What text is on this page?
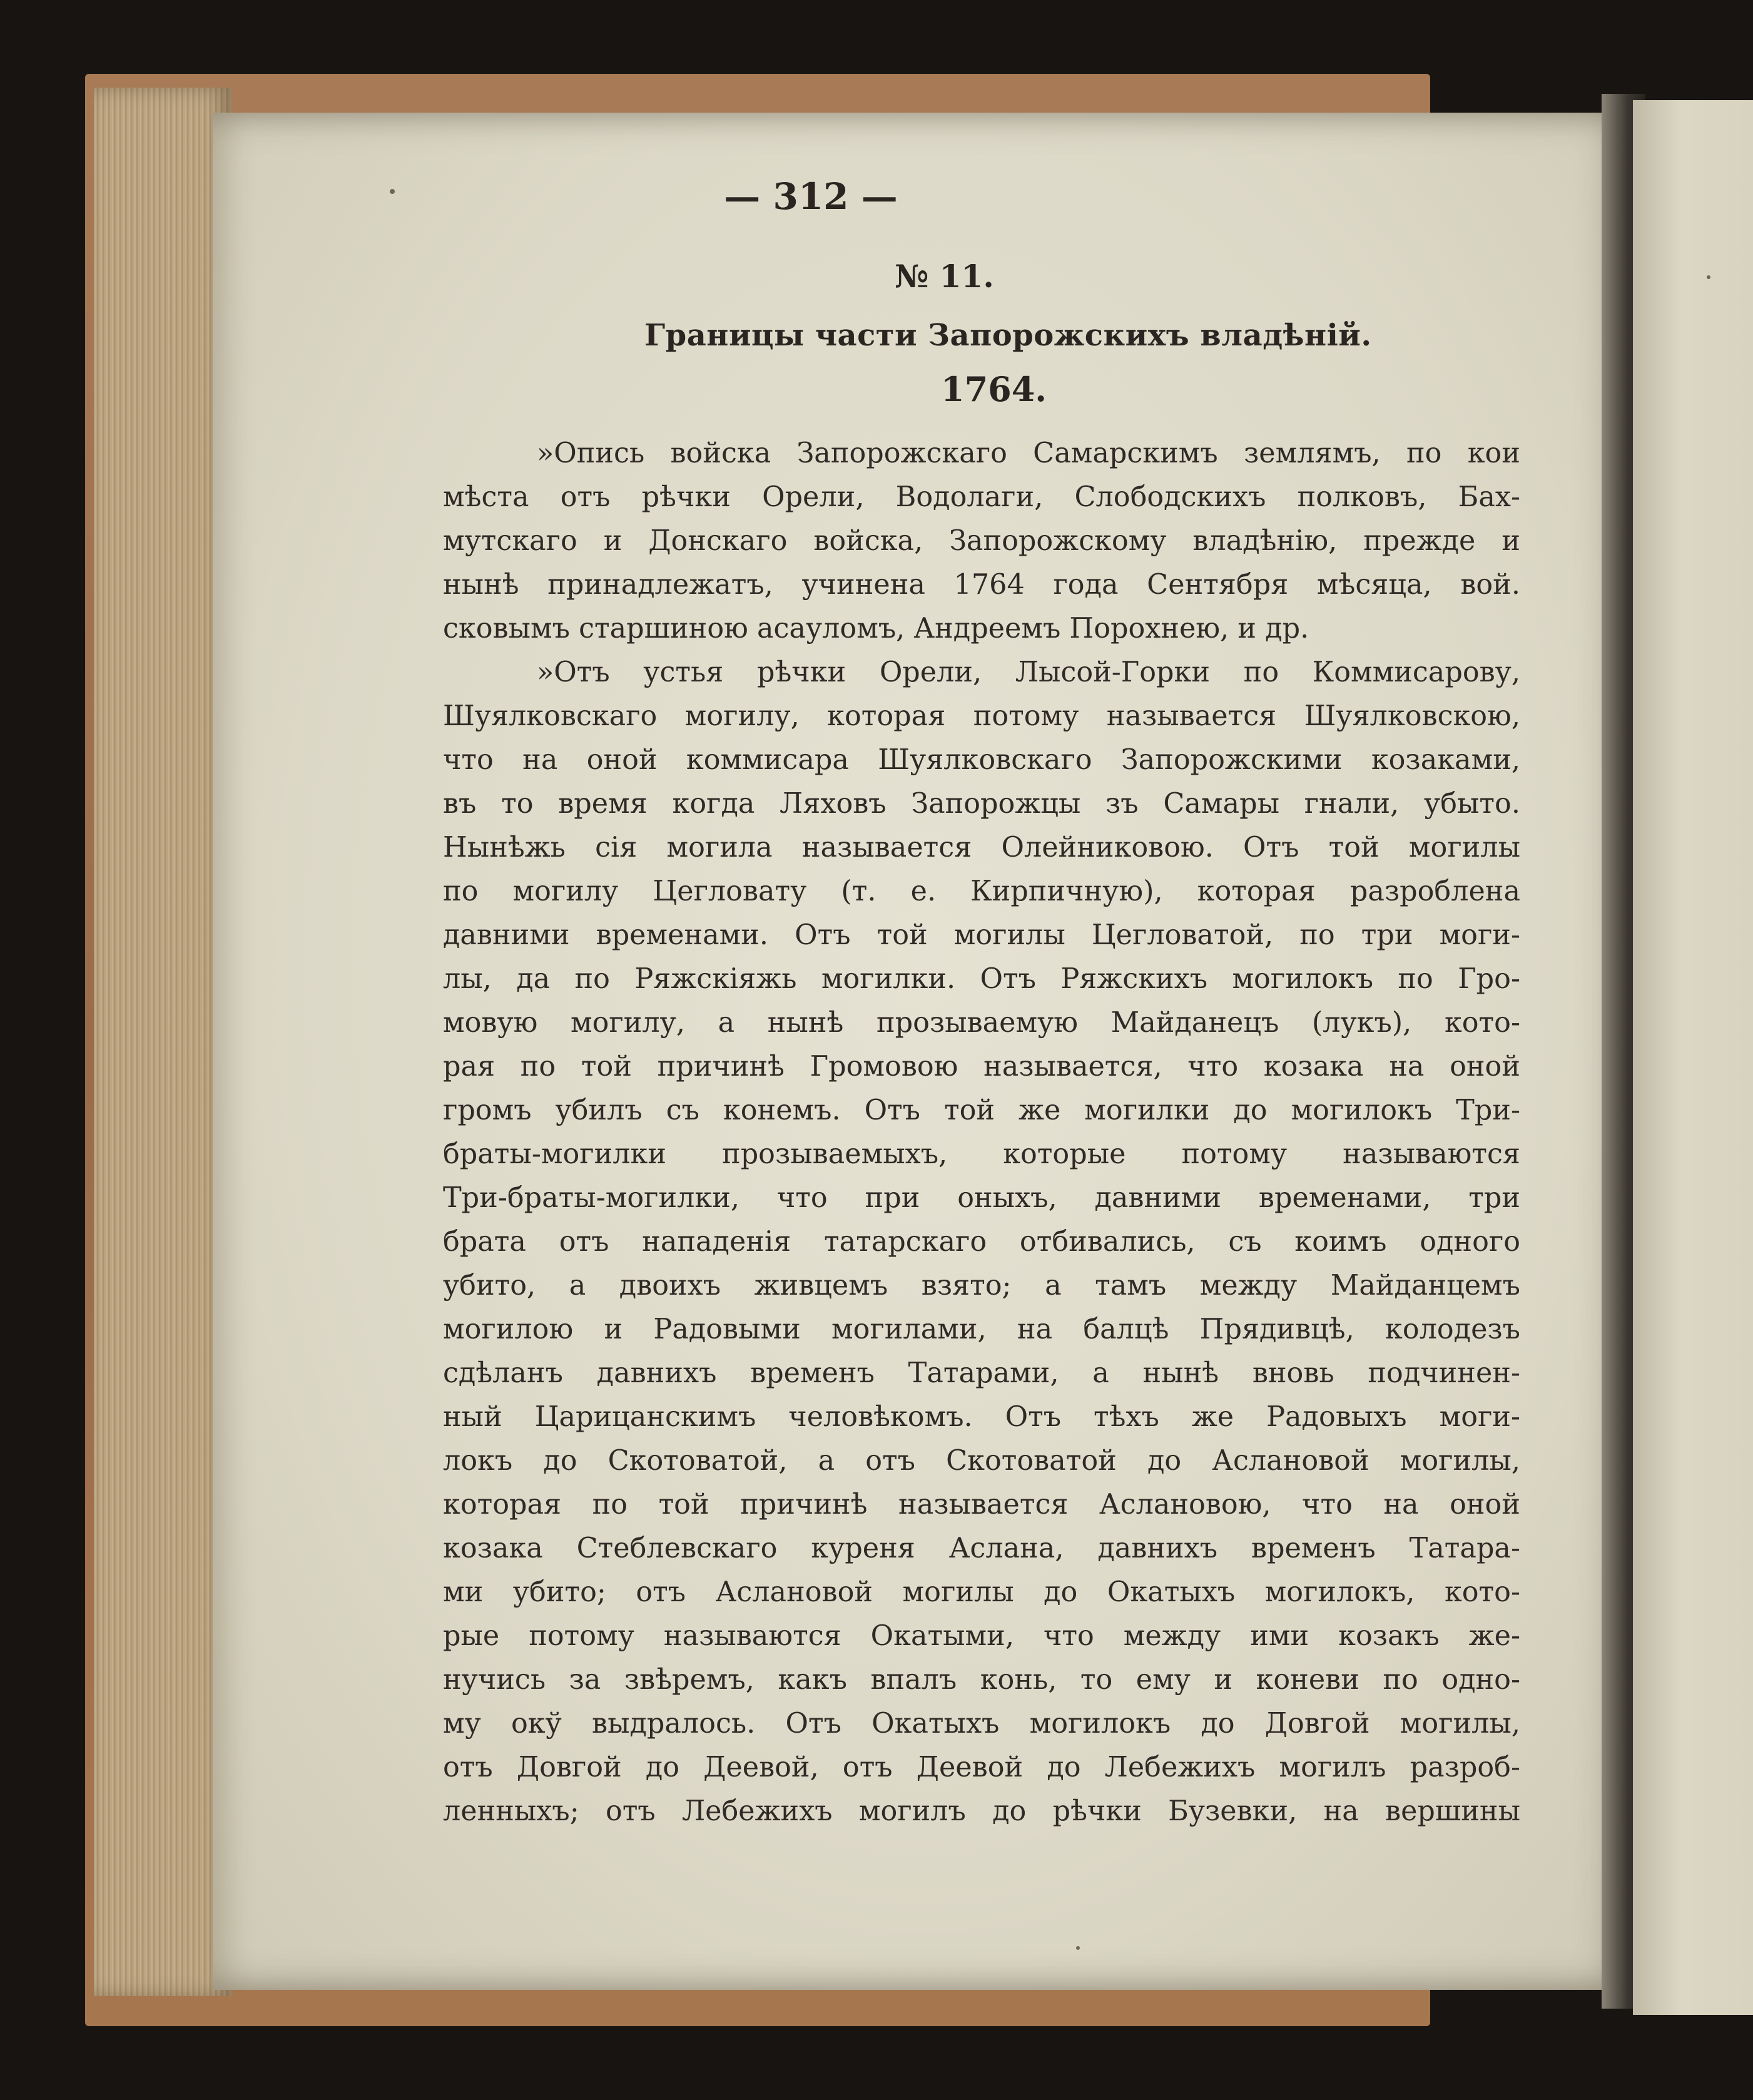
— 312 —
№ 11.
Границы части Запорожскихъ владѣній.
1764.
»Опись войска Запорожскаго Самарскимъ землямъ, по кои
мѣста отъ рѣчки Орели, Водолаги, Слободскихъ полковъ, Бах-
мутскаго и Донскаго войска, Запорожскому владѣнію, прежде и
нынѣ принадлежатъ, учинена 1764 года Сентября мѣсяца, вой.
сковымъ старшиною асауломъ, Андреемъ Порохнею, и др.
»Отъ устья рѣчки Орели, Лысой-Горки по Коммисарову,
Шуялковскаго могилу, которая потому называется Шуялковскою,
что на оной коммисара Шуялковскаго Запорожскими козаками,
въ то время когда Ляховъ Запорожцы зъ Самары гнали, убыто.
Нынѣжь сія могила называется Олейниковою. Отъ той могилы
по могилу Цегловату (т. е. Кирпичную), которая разроблена
давними временами. Отъ той могилы Цегловатой, по три моги-
лы, да по Ряжскіяжь могилки. Отъ Ряжскихъ могилокъ по Гро-
мовую могилу, а нынѣ прозываемую Майданецъ (лукъ), кото-
рая по той причинѣ Громовою называется, что козака на оной
громъ убилъ съ конемъ. Отъ той же могилки до могилокъ Три-
браты-могилки прозываемыхъ, которые потому называются
Три-браты-могилки, что при оныхъ, давними временами, три
брата отъ нападенія татарскаго отбивались, съ коимъ одного
убито, а двоихъ живцемъ взято; а тамъ между Майданцемъ
могилою и Радовыми могилами, на балцѣ Прядивцѣ, колодезъ
сдѣланъ давнихъ временъ Татарами, а нынѣ вновь подчинен-
ный Царицанскимъ человѣкомъ. Отъ тѣхъ же Радовыхъ моги-
локъ до Скотоватой, а отъ Скотоватой до Аслановой могилы,
которая по той причинѣ называется Аслановою, что на оной
козака Стеблевскаго куреня Аслана, давнихъ временъ Татара-
ми убито; отъ Аслановой могилы до Окатыхъ могилокъ, кото-
рые потому называются Окатыми, что между ими козакъ же-
нучись за звѣремъ, какъ впалъ конь, то ему и коневи по одно-
му окў выдралось. Отъ Окатыхъ могилокъ до Довгой могилы,
отъ Довгой до Деевой, отъ Деевой до Лебежихъ могилъ разроб-
ленныхъ; отъ Лебежихъ могилъ до рѣчки Бузевки, на вершины
